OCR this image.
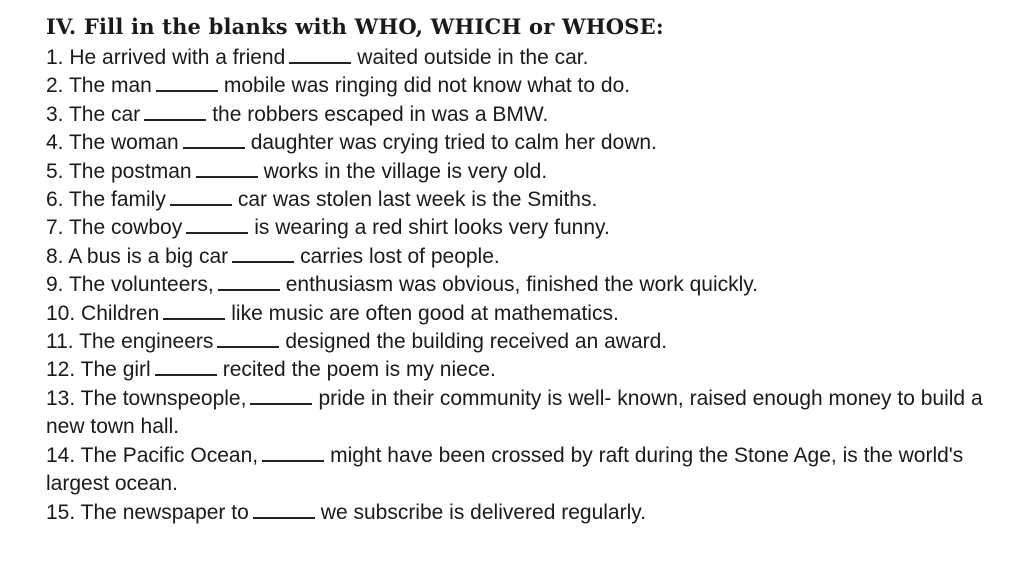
IV. Fill in the blanks with WHO, WHICH or WHOSE:
1. He arrived with a friend	waited outside in the car.
2. The man	mobile was ringing did not know what to do.
3. The car	the robbers escaped in was a BMW.
4. The woman	daughter was crying tried to calm her down.
5. The postman	works in the village is very old.
6. The family	car was stolen last week is the Smiths.
7. The cowboy	is wearing a red shirt looks very funny.
8. A bus is a big car	carries lost of people.
9. The volunteers,	enthusiasm was obvious, finished the work quickly.
10. Children	like music are often good at mathematics.
11. The engineers	designed the building received an award.
12. The girl	recited the poem is my niece.
13. The townspeople,	pride in their community is well- known, raised enough money to build a new town hall.
14. The Pacific Ocean,	might have been crossed by raft during the Stone Age, is the world's largest ocean.
15. The newspaper to	we subscribe is delivered regularly.
